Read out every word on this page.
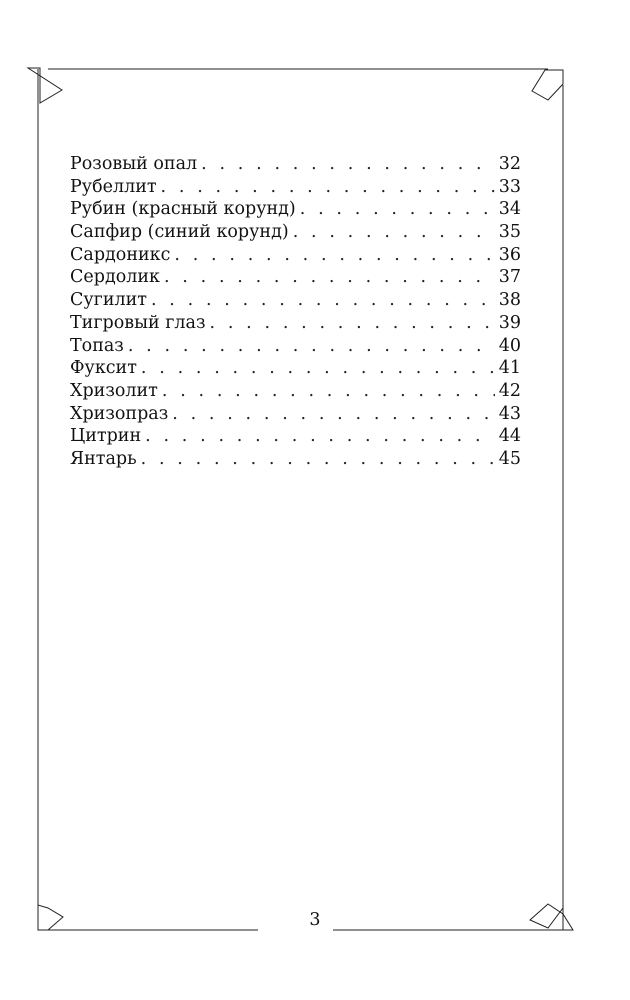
Розовый опал . . .	32
Рубеллит . . .	33
Рубин (красный корунд) . . .	34
Сапфир (синий корунд) . . .	35
Сардоникс . . .	36
Сердолик . . .	37
Сугилит . . .	38
Тигровый глаз . . .	39
Топаз . . .	40
Фуксит . . .	41
Хризолит . . .	42
Хризопраз . . .	43
Цитрин . . .	44
Янтарь . . .	45
3
